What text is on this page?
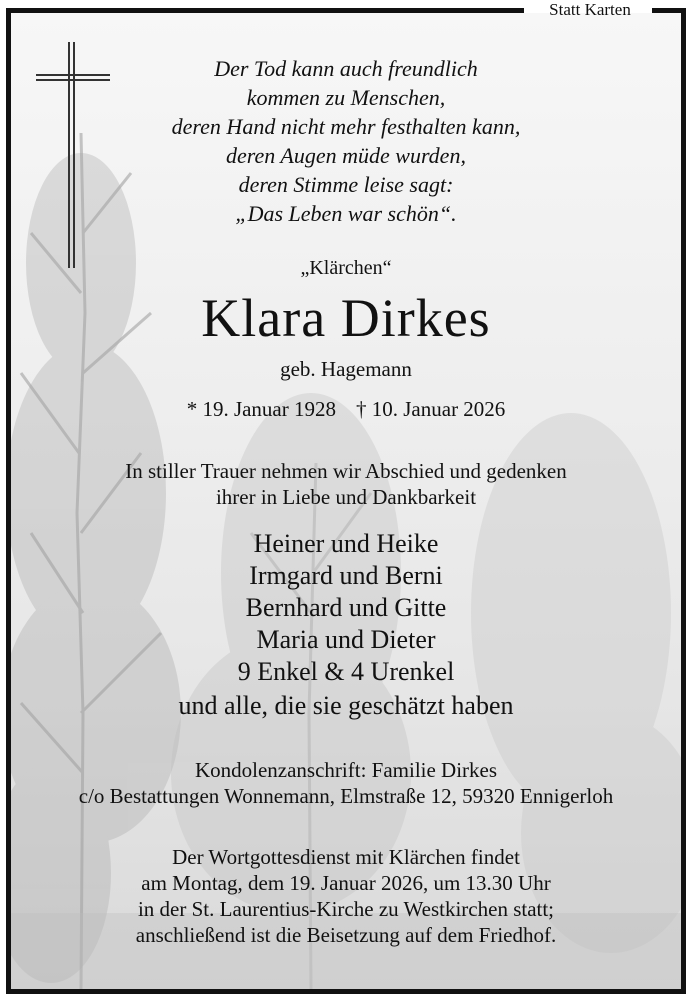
Statt Karten
Der Tod kann auch freundlich
kommen zu Menschen,
deren Hand nicht mehr festhalten kann,
deren Augen müde wurden,
deren Stimme leise sagt:
„Das Leben war schön“.
„Klärchen“
Klara Dirkes
geb. Hagemann
* 19. Januar 1928 † 10. Januar 2026
In stiller Trauer nehmen wir Abschied und gedenken
ihrer in Liebe und Dankbarkeit
Heiner und Heike
Irmgard und Berni
Bernhard und Gitte
Maria und Dieter
9 Enkel & 4 Urenkel
und alle, die sie geschätzt haben
Kondolenzanschrift: Familie Dirkes
c/o Bestattungen Wonnemann, Elmstraße 12, 59320 Ennigerloh
Der Wortgottesdienst mit Klärchen findet
am Montag, dem 19. Januar 2026, um 13.30 Uhr
in der St. Laurentius-Kirche zu Westkirchen statt;
anschließend ist die Beisetzung auf dem Friedhof.
